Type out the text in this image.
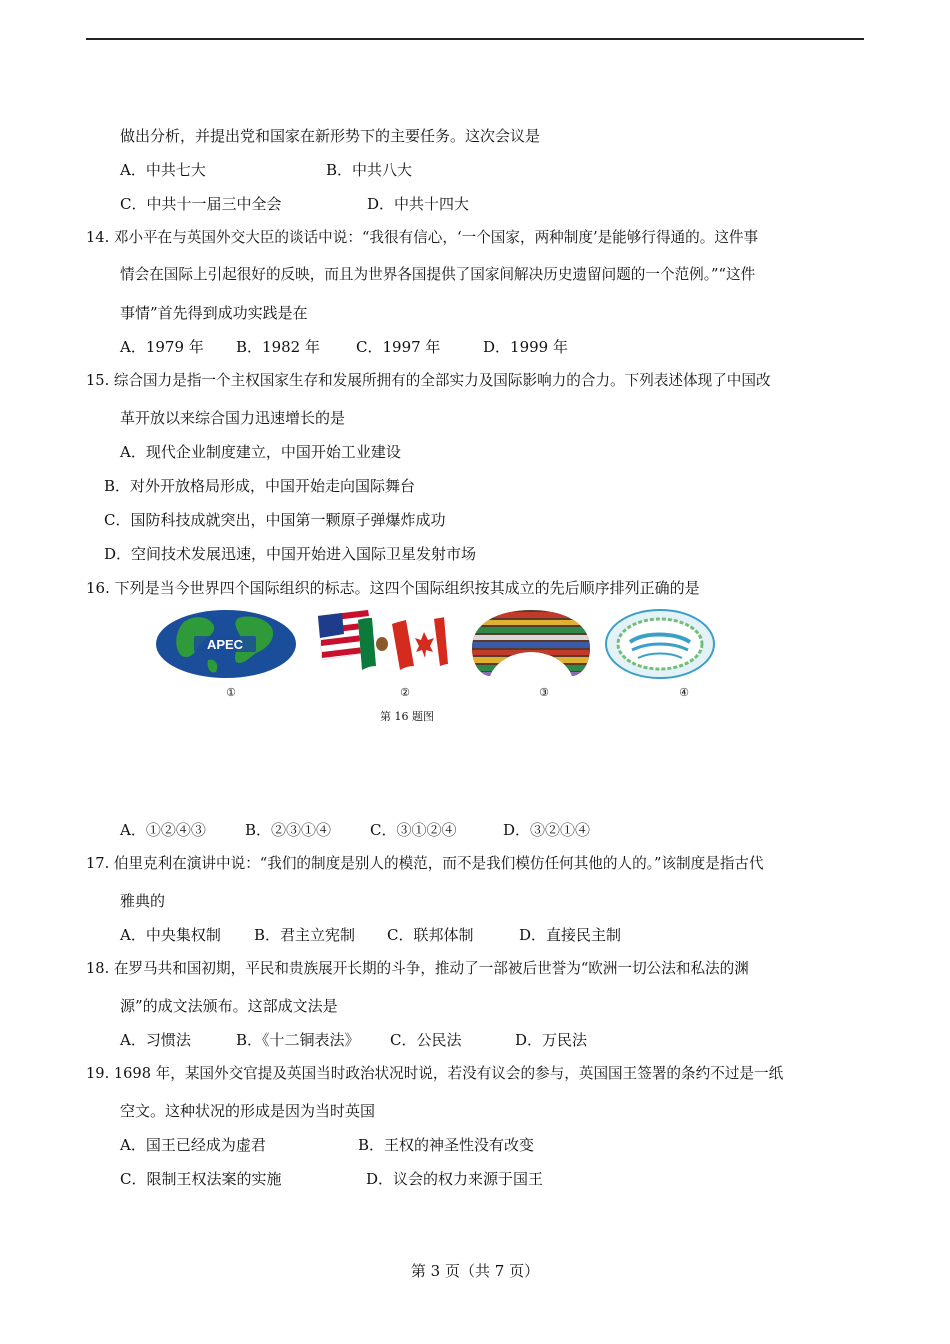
做出分析，并提出党和国家在新形势下的主要任务。这次会议是
A．中共七大	B．中共八大
C．中共十一届三中全会	D．中共十四大
14. 邓小平在与英国外交大臣的谈话中说：“我很有信心，‘一个国家，两种制度’是能够行得通的。这件事
情会在国际上引起很好的反映，而且为世界各国提供了国家间解决历史遗留问题的一个范例。”“这件
事情”首先得到成功实践是在
A．1979 年 B．1982 年 C．1997 年	D．1999 年
15. 综合国力是指一个主权国家生存和发展所拥有的全部实力及国际影响力的合力。下列表述体现了中国改
革开放以来综合国力迅速增长的是
A．现代企业制度建立，中国开始工业建设
B．对外开放格局形成，中国开始走向国际舞台
C．国防科技成就突出，中国第一颗原子弹爆炸成功
D．空间技术发展迅速，中国开始进入国际卫星发射市场
16. 下列是当今世界四个国际组织的标志。这四个国际组织按其成立的先后顺序排列正确的是
APEC
①	②	③	④
第 16 题图
A．①②④③	B．②③①④	C．③①②④	D．③②①④
17. 伯里克利在演讲中说：“我们的制度是别人的模范，而不是我们模仿任何其他的人的。”该制度是指古代
雅典的
A．中央集权制 B．君主立宪制 C．联邦体制	D．直接民主制
18. 在罗马共和国初期，平民和贵族展开长期的斗争，推动了一部被后世誉为“欧洲一切公法和私法的渊
源”的成文法颁布。这部成文法是
A．习惯法	B．《十二铜表法》 C．公民法	D．万民法
19. 1698 年，某国外交官提及英国当时政治状况时说，若没有议会的参与，英国国王签署的条约不过是一纸
空文。这种状况的形成是因为当时英国
A．国王已经成为虚君	B．王权的神圣性没有改变
C．限制王权法案的实施	D．议会的权力来源于国王
第 3 页（共 7 页）
